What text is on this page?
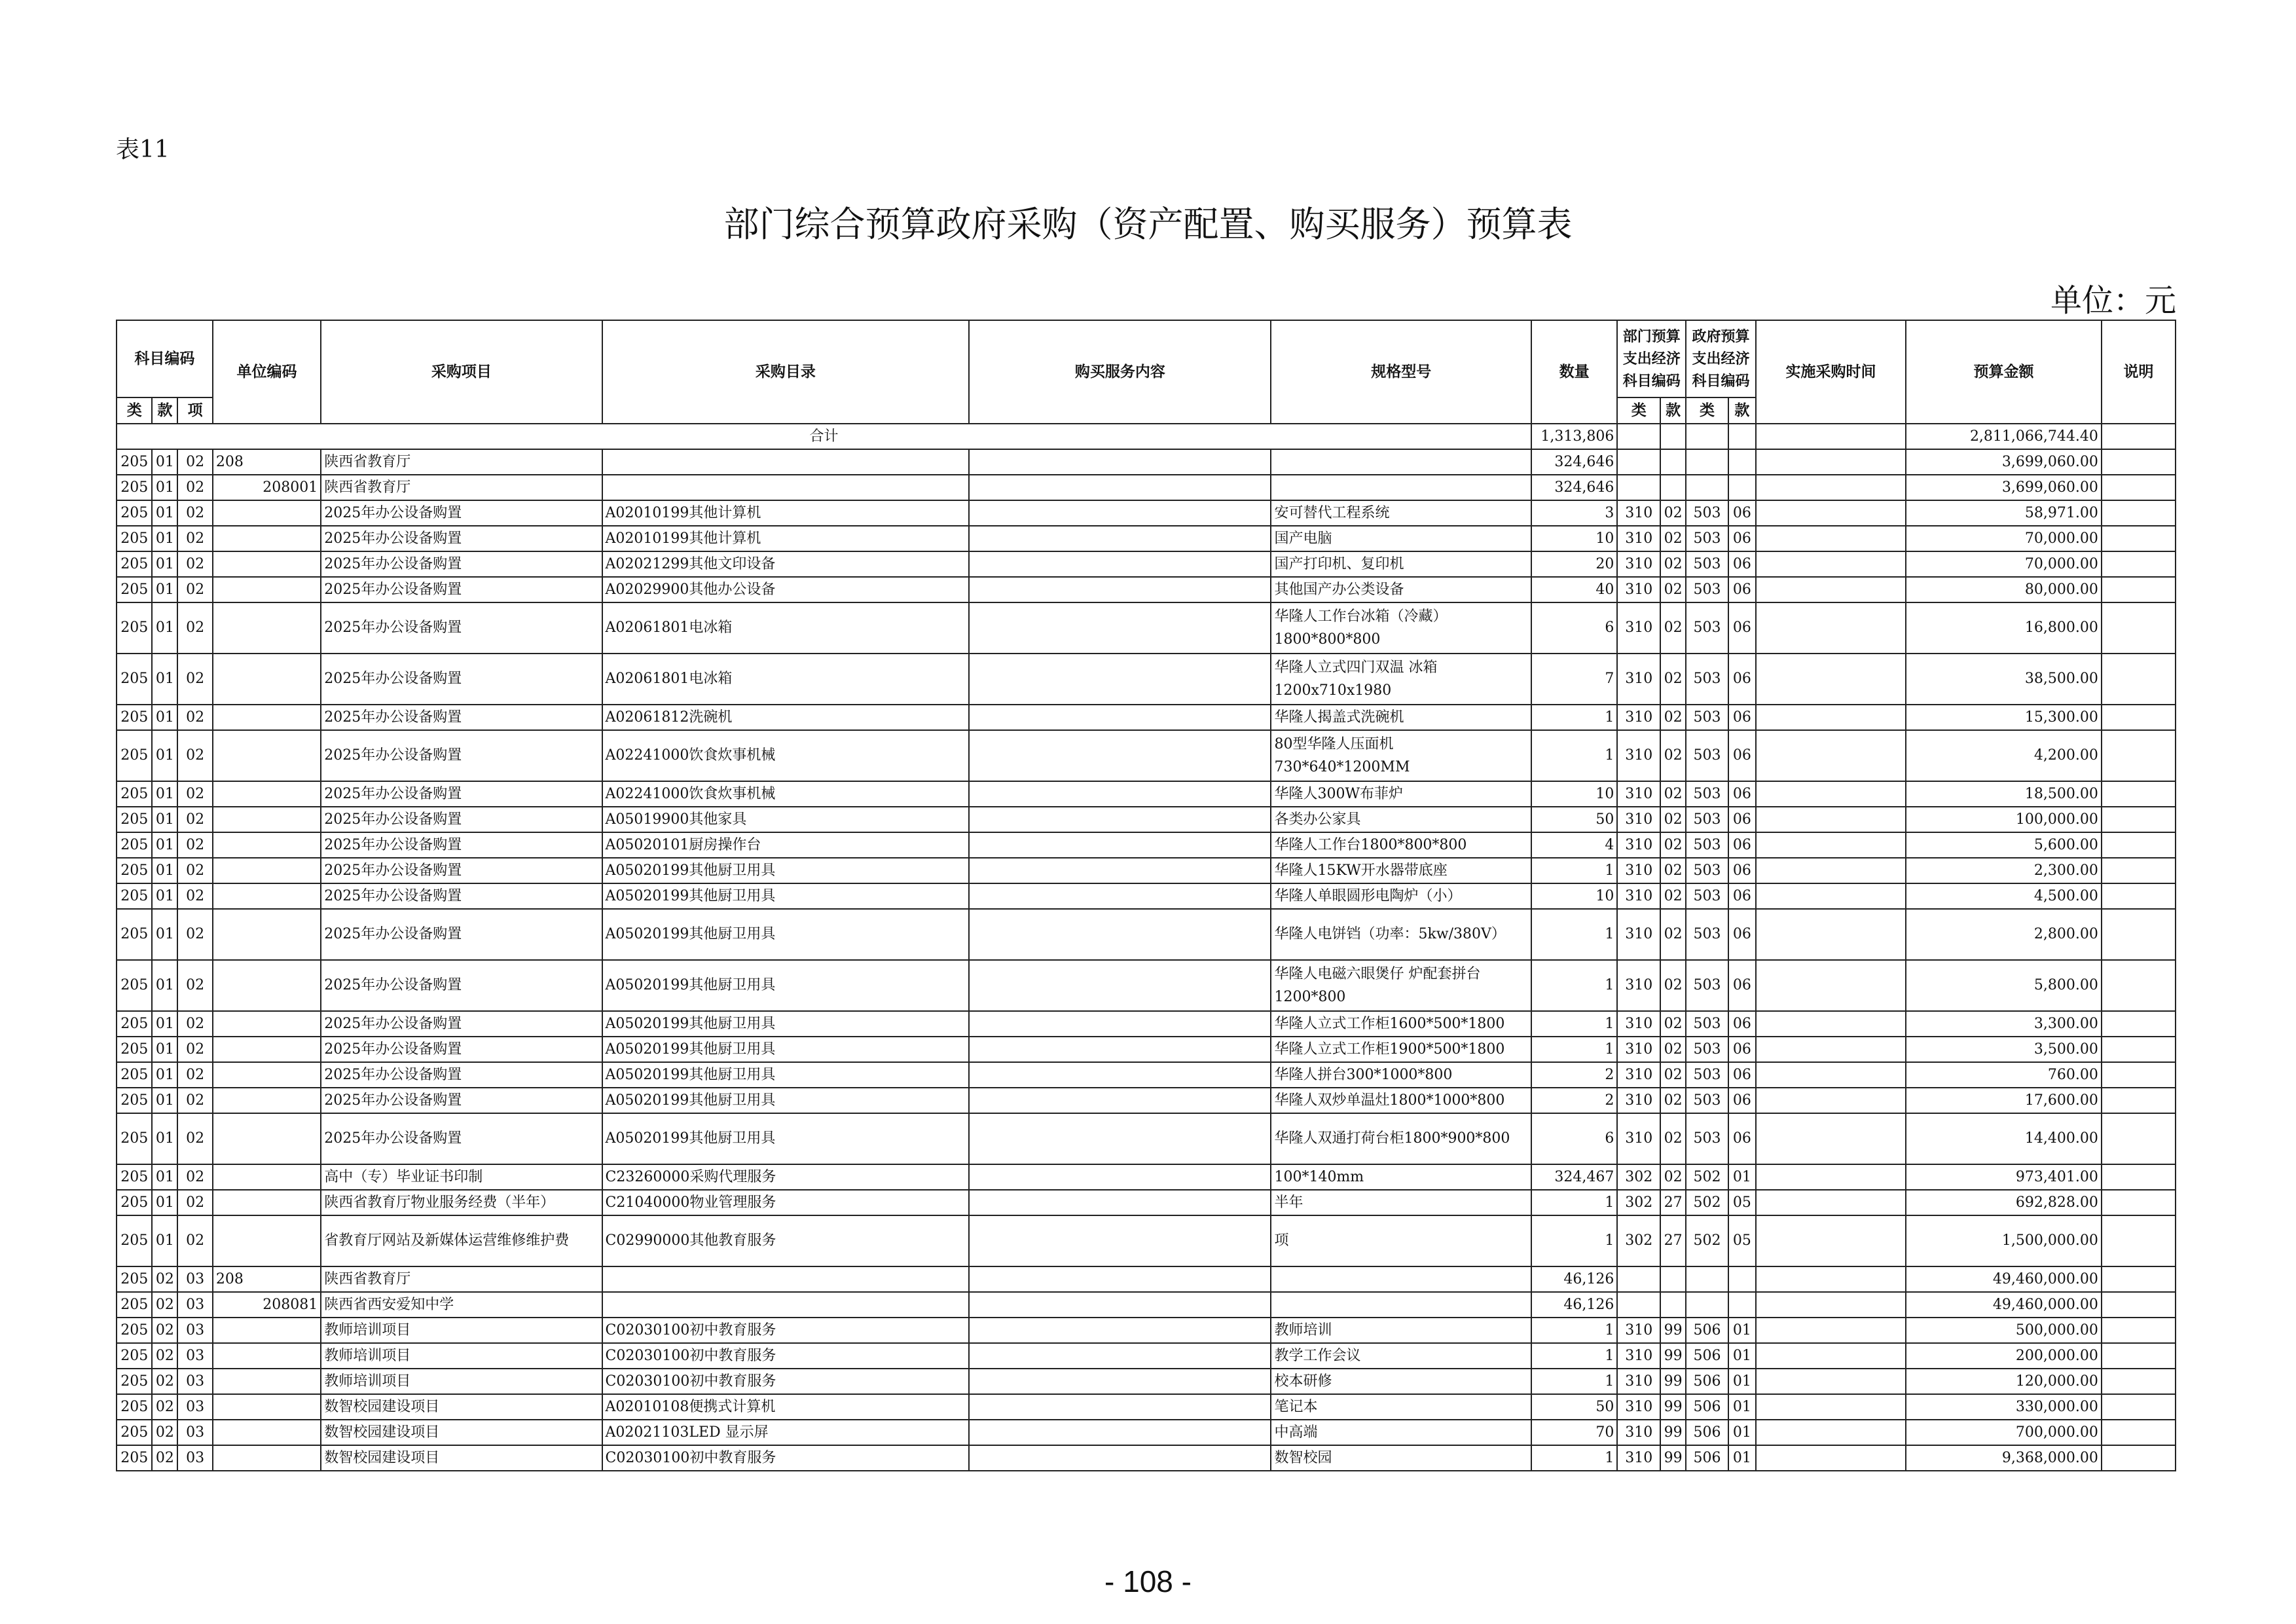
表11
部门综合预算政府采购（资产配置、购买服务）预算表
单位：元
科目编码			单位编码	采购项目	采购目录	购买服务内容	规格型号	数量	部门预算支出经济科目编码		政府预算支出经济科目编码		实施采购时间	预算金额	说明
类	款	项							类	款	类	款			
合计								1,313,806						2,811,066,744.40	
205	01	02	208	陕西省教育厅				324,646						3,699,060.00	
205	01	02	208001	陕西省教育厅				324,646						3,699,060.00	
205	01	02		2025年办公设备购置	A02010199其他计算机		安可替代工程系统	3	310	02	503	06		58,971.00	
205	01	02		2025年办公设备购置	A02010199其他计算机		国产电脑	10	310	02	503	06		70,000.00	
205	01	02		2025年办公设备购置	A02021299其他文印设备		国产打印机、复印机	20	310	02	503	06		70,000.00	
205	01	02		2025年办公设备购置	A02029900其他办公设备		其他国产办公类设备	40	310	02	503	06		80,000.00	
205	01	02		2025年办公设备购置	A02061801电冰箱		华隆人工作台冰箱（冷藏）1800*800*800	6	310	02	503	06		16,800.00	
205	01	02		2025年办公设备购置	A02061801电冰箱		华隆人立式四门双温 冰箱1200x710x1980	7	310	02	503	06		38,500.00	
205	01	02		2025年办公设备购置	A02061812洗碗机		华隆人揭盖式洗碗机	1	310	02	503	06		15,300.00	
205	01	02		2025年办公设备购置	A02241000饮食炊事机械		80型华隆人压面机730*640*1200MM	1	310	02	503	06		4,200.00	
205	01	02		2025年办公设备购置	A02241000饮食炊事机械		华隆人300W布菲炉	10	310	02	503	06		18,500.00	
205	01	02		2025年办公设备购置	A05019900其他家具		各类办公家具	50	310	02	503	06		100,000.00	
205	01	02		2025年办公设备购置	A05020101厨房操作台		华隆人工作台1800*800*800	4	310	02	503	06		5,600.00	
205	01	02		2025年办公设备购置	A05020199其他厨卫用具		华隆人15KW开水器带底座	1	310	02	503	06		2,300.00	
205	01	02		2025年办公设备购置	A05020199其他厨卫用具		华隆人单眼圆形电陶炉（小）	10	310	02	503	06		4,500.00	
205	01	02		2025年办公设备购置	A05020199其他厨卫用具		华隆人电饼铛（功率：5kw/380V）	1	310	02	503	06		2,800.00	
205	01	02		2025年办公设备购置	A05020199其他厨卫用具		华隆人电磁六眼煲仔 炉配套拼台1200*800	1	310	02	503	06		5,800.00	
205	01	02		2025年办公设备购置	A05020199其他厨卫用具		华隆人立式工作柜1600*500*1800	1	310	02	503	06		3,300.00	
205	01	02		2025年办公设备购置	A05020199其他厨卫用具		华隆人立式工作柜1900*500*1800	1	310	02	503	06		3,500.00	
205	01	02		2025年办公设备购置	A05020199其他厨卫用具		华隆人拼台300*1000*800	2	310	02	503	06		760.00	
205	01	02		2025年办公设备购置	A05020199其他厨卫用具		华隆人双炒单温灶1800*1000*800	2	310	02	503	06		17,600.00	
205	01	02		2025年办公设备购置	A05020199其他厨卫用具		华隆人双通打荷台柜1800*900*800	6	310	02	503	06		14,400.00	
205	01	02		高中（专）毕业证书印制	C23260000采购代理服务		100*140mm	324,467	302	02	502	01		973,401.00	
205	01	02		陕西省教育厅物业服务经费（半年）	C21040000物业管理服务		半年	1	302	27	502	05		692,828.00	
205	01	02		省教育厅网站及新媒体运营维修维护费	C02990000其他教育服务		项	1	302	27	502	05		1,500,000.00	
205	02	03	208	陕西省教育厅				46,126						49,460,000.00	
205	02	03	208081	陕西省西安爱知中学				46,126						49,460,000.00	
205	02	03		教师培训项目	C02030100初中教育服务		教师培训	1	310	99	506	01		500,000.00	
205	02	03		教师培训项目	C02030100初中教育服务		教学工作会议	1	310	99	506	01		200,000.00	
205	02	03		教师培训项目	C02030100初中教育服务		校本研修	1	310	99	506	01		120,000.00	
205	02	03		数智校园建设项目	A02010108便携式计算机		笔记本	50	310	99	506	01		330,000.00	
205	02	03		数智校园建设项目	A02021103LED 显示屏		中高端	70	310	99	506	01		700,000.00	
205	02	03		数智校园建设项目	C02030100初中教育服务		数智校园	1	310	99	506	01		9,368,000.00	
- 108 -
